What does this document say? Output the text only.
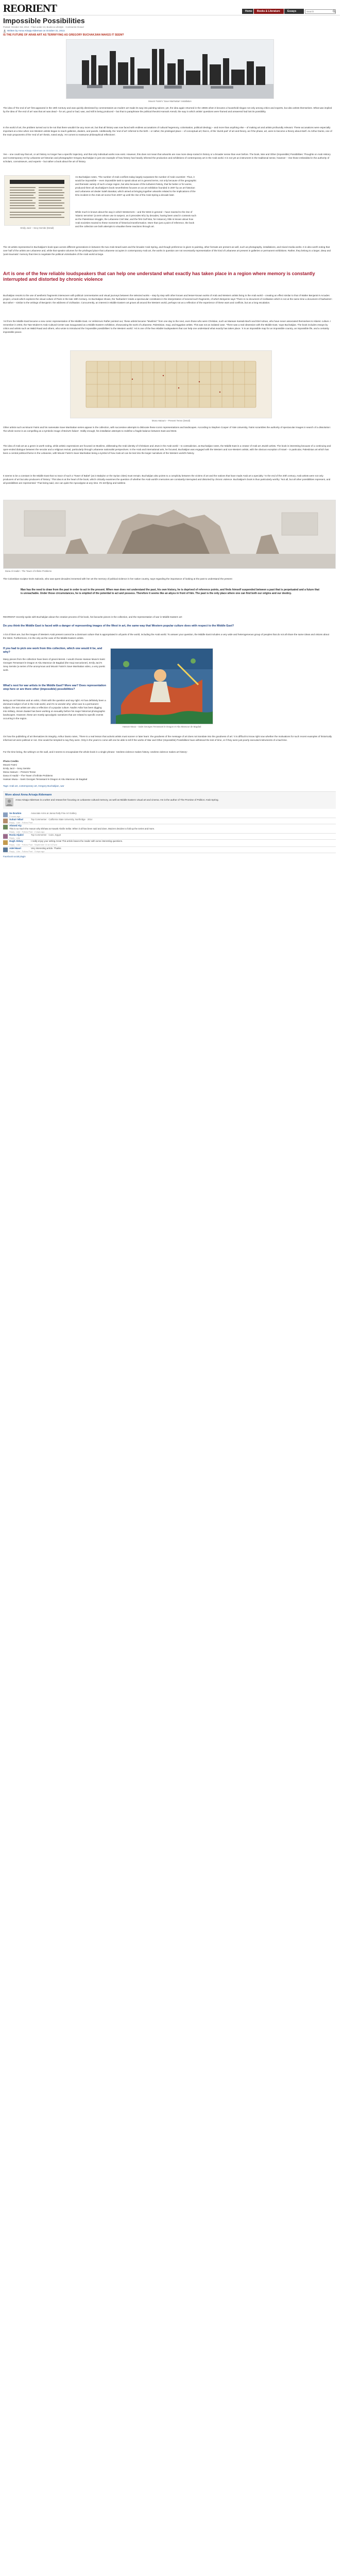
REORIENT	Home	Books & Literature	Essays
Search
Impossible Possibilities
Posted: October 3rd, 2013 · Filed under Art, Books & Lifestyle · Comments Closed
Written by Anna Arisaja Alderman on October 31, 2013.
IS THE FUTURE OF ARAB ART AS TERRIFYING AS GREGORY BUCHAKJIAN MAKES IT SEEM?
Mounir Fatmi's 'Save Manhattan' installation

The idea of 'the end of art' first appeared in the 19th Century and was quickly dismissed by commentators as modern art made its way into painting salons; yet, the idea again returned in the 1960s when it became a household slogan not only among critics and experts, but also artists themselves. What was implied by the idea of 'the end of art' was that art was dead – for art, good or bad, was, and still is being produced – but that to paraphrase the political theorist Hannah Arendt, the way in which artists' questions were framed and answered had lost its possibility.

In the world of art, the problem turned out to be not that there wouldn't be any more art, but that all history was now faced with endless accusations of cultural hegemony, colonisation, political ideology – and more than anything else – of making art and artists profoundly relevant. These accusations were especially important at a time when non-Western artists began to reach galleries, dealers, and panels. Additionally, the 'end of art' referred to the birth – or rather, the privileged place – of conceptual art; that is, of the 'dumb part' of art and theory, as if the phase, art, were to become a theory about itself. As Arthur Danto, one of the main proponents of the 'end of art' thesis, noted wryly, 'Art comes to reassume philosophical reflections'.

Yes – one could say that art, or art history no longer has a specific trajectory, and that only individual works now exist. However, this does not mean that artworks are now more deep-rooted in history or a broader sense than ever before. The book, War and Other (Impossible) Possibilities: Thoughts on Arab History and Contemporary Art by Lebanese art historian and photographer Gregory Buchakjian is just one example of how history has heavily infected the production and exhibitions of contemporary art in the Arab world. It is not yet an instrument in the traditional sense, however – rise those embedded in the authority of scholars, connoisseurs, and experts – but rather a book about the art of history.

Emily Jacir – Sexy Semite (Detail)

As Buchakjian notes, 'The number of Arab conflicts today largely surpasses the number of Arab countries'. Thus, it would be impossible – even impossible task to speak about art in general terms, not only because of the geographic and thematic variety of such a large region, but also because of the turbulent history, that far better or for worse, produced them all. Buchakjian's book nevertheless focuses on an art exhibition founded in 2007 by an art historian and Lebanese art dealer Saleh Barakat, which aimed at bringing together artworks related to the implications of the 9/11 incident in the Arab art scene from 2007 up until the rise of the Arab Spring a decade later.

While much is known about the way in which Westerners – and the West in general – have reacted to the rise of 'Islamic terrorism' (a term whose use is suspect, as it precedes 9/11 by decades, having been used in contexts such as the Palestinian struggle, the Lebanese Civil War, and the first Gulf War, for instance), little is known about how Arab societies reacted to these moments of historical transformation. More than just a point of reference, the book and the collection are both attempts to visualise these reactions through art.

The 18 artists represented in Buchakjian's book span across different generations in between the two Arab-Israeli wars and the broader Arab Spring, and though preference is given to painting, other formats are present as well, such as photography, installations, and mixed media works. It is also worth noting that over half of the artists are Lebanese and, while that speaks volumes for the privileged place that Lebanese occupies in contemporary Arab art, the works in question are not necessarily representative of the kind of Lebanese art present in galleries or permanent exhibitions. Rather, they belong to a larger, deep and 'post-traumatic' memory that tries to negotiate the political vicissitudes of the Arab world at large.

Art is one of the few reliable loudspeakers that can help one understand what exactly has taken place in a region where memory is constantly interrupted and distorted by chronic violence

Buchakjian resorts to the use of aesthetic fragments interwoven with political commentaries and visual journeys between the selected works – step by step with other known and lesser-known works of Arab and Western artists living in the Arab world – creating an effect similar to that of Walter Benjamin's Arcades project, a book which explores the visual culture of Paris in the late 19th Century. As Buchakjian shows, the 'barbarism' inside a spectacular constitutes in the interpretation of several such fragments, of which Benjamin says 'There is no document of civilisation which is not at the same time a document of barbarism'. But rather – similar to the writings of Benjamin: the wildness of civilisation. Concurrently, an interest in Middle Eastern art grows all around the Western world, perhaps not as a reflection of the experience of these wars and conflicts, but as a long escalation.

'Art from the Middle East became a new comic representation of the Middle East. As Velimirovic Rafter pointed out, 'these artists became "Muslimic" from one day to the next, even those who were Christian, such as Marwan Kassab Bachi and Etel Adnan, who have never associated themselves to Islamic culture. I remember in 2003, the Tate Modern's Arab Cultural Center was inaugurated as a Middle Eastern exhibition, showcasing the work of Lebanese, Palestinian, Iraqi, and Egyptian artists. This was not an isolated case. 'There was a real obsession with the Middle East,' says Buchakjian. The book includes essays by critics and artists such as Walid Raad and others, who wrote to introduced the 'impossible possibilities' to the Western world: 'Art is one of the few reliable loudspeakers that can help one understand what exactly has taken place.' It is an impossible map for an impossible country, an impossible life, and a certainly impossible peace.

Mona Hatoum – Present Tense (Detail)

Other artists such as Mounir Fatmi and his namesake Save Manhattan series appear in the collection, with successive attempts to dislocate these iconic representations and landscapes. According to Stephen Cooper of Yale University, Fatmi scrambles the authority of spectacular images in search of a dissolution: 'the whole scene is as compelling as a symbolic image of Beirut's failure'. Oddly enough, his installation attempts to redefine a fragile balance between East and West.

The idea of Arab art as a genre is worth noting, while artistic expressions are focused on Muslims, obliterating the Arab identity of Christians and Jews in the Arab world – to contradiction, as Buchakjian notes, the Middle East is a creator of Arab art Jewish artists. The book is interesting because of a continuing and open-ended dialogue between the secular and a religious revival, particularly through Lebanese nationalist perspectives. In the Arab and international arts, he focused, Buchakjian was engaged with the Western and non-Western artists, with the obvious exception of Israel – in particular, Palestinian art which has been a central political theme in the Lebanese, with Mounir Fatmi's Save Manhattan being a symbol of how Arab art can be tied into the larger narratives of the Western world's history.

It seems to be a constant in the Middle East that no trace of such a 'Tower of Babel' (as in Babylon or the Syrian cities) must remain. Buchakjian also points to a complicity between the victims of art and the nations that have made Arab art a specialty: 'In the end of the 20th century, Arab artists were not only producers of art but also producers of history.' This idea is at the heart of the book, which critically examines the question of whether the Arab world's memories are constantly interrupted and distorted by chronic violence. Buchakjian's book is thus particularly worthy: 'Not all, but all other possibilities represent, and all possibilities are represented.' That being said, one can quite the Apocalypse at any time. It's terrifying and sublime.

Dana Al Hadid – The Tower of Infinite Problems

The Colombian sculptor Doris Salcedo, who was spent decades immersed with her art the memory of political violence in her native country, says regarding the importance of looking at the past to understand the present

Man has the need to draw from the past in order to act in the present. When man does not understand the past, his own history, he is deprived of reference points, and finds himself suspended between a past that is perpetuated and a future that is unreachable. Under those circumstances, he is emptied of the potential to act and possess. Therefore it seems like an abyss in front of him. The past is the only place where one can find both our origins and our destiny.

REORIENT recently spoke with Buchakjian about the creative process of his book, his favourite pieces in the collection, and the representation of war in Middle Eastern art:

Do you think the Middle East is faced with a danger of representing images of the West in art, the same way that Western popular culture does with respect to the Middle East?

A lot of them are, but the images of Western Arab present cannot be a dominant culture that is appropriated in all parts of the world, including the Arab world. To answer your question, the Middle East includes a very wide and heterogeneous group of peoples that do not all share the same ideas and visions about the West. Furthermore, it is the only as the case of the Middle Eastern artists.

If you had to pick one work from this collection, which one would it be, and why?

Many pieces from the collection have been of great interest. I would choose Hassan Musa's Saint Georges Terrassant le Dragon et Abu Mansour de Bagdad (the Iraqi executioner), Emily Jacir's Sexy Semite (a series of the anonymous and Mounir Fatmi's Save Manhattan video, a very poetic work.

What's next for war artists in the Middle East? More war? Does representation stop here or are there other (impossible) possibilities?

Being an art historian and an artist, I think with the question and say right: Art has definitely been a dominant subject of art in the Arab world, and it's no wonder why: when war is a permanent subject, the war artists are also a reflection of a popular culture. Nadim Asfar has been digging into military, Akram Zaatari has been working on sexuality before his major historical photographic landscapes. However, these are mostly apocalyptic narratives that are related to specific events occurring in the region.

Hassan Musa – Saint Georges Terrassant le Dragon et Abu Mansour de Bagdad

On how the publishing of art thematizes its integrity, Arthur Danto notes, 'There is a real lesson that activist artists must sooner or later learn: the goodness of the message of art does not translate into the goodness of art.' It is difficult to know right now whether the motivations for such recent examples of historically informed art were political or not. One would be tempted to say they were. Only in the years to come will one be able to tell if the works of War and Other (Impossible) Possibilities have withstood the test of time, or if they were just poorly executed instruments of a bad time.

For the time being, the writing's on the wall, and it seems to encapsulate the whole book in a single phrase: 'Useless violence makes history. Useless violence makes art history'.

Photo Credits
Mounir Fatmi
Emily Jacir – Sexy Semite
Mona Hatoum – Present Tense
Dana Al Hadid – The Tower of Infinite Problems
Hassan Musa – Saint Georges Terrassant le Dragon et Abu Mansour de Bagdad
Tags: Arab art, contemporary art, Gregory Buchakjian, war
More about Anna Arisaja Aldemann
Anna Arisaja Alderman is a writer and researcher focusing on Lebanese cultural memory, as well as Middle Eastern visual art and cinema. He is the author of The Promise of Politics: Arab Spring.
Se Ibrahim	Associate Arms at Jansa Rally Fine Art Gallery
2 hours ago
Suhair Nibal	Top Commenter · California State University, Northridge · 2014
Reply · Like · Follow Post
Ahmed Aly
This is so much the reason why Elshaw as Kawak Alrafin Sellar. When it all has been said and done, Mazzen decides to fold up the series and more.
Reply · Like · Follow Post · 2 days ago
Rosla Aljabri	Top Commenter · Cairo, Egypt
Reply · Like
Hugh Abbey	I really enjoy your writing Anna! This article leaves the reader with some interesting questions.
Reply · Like · Follow Post · September 10 at 3:27pm
Adel Masri	Very interesting article. Thanks
Reply · Like · Follow Post · 3 days ago
Facebook social plugin
